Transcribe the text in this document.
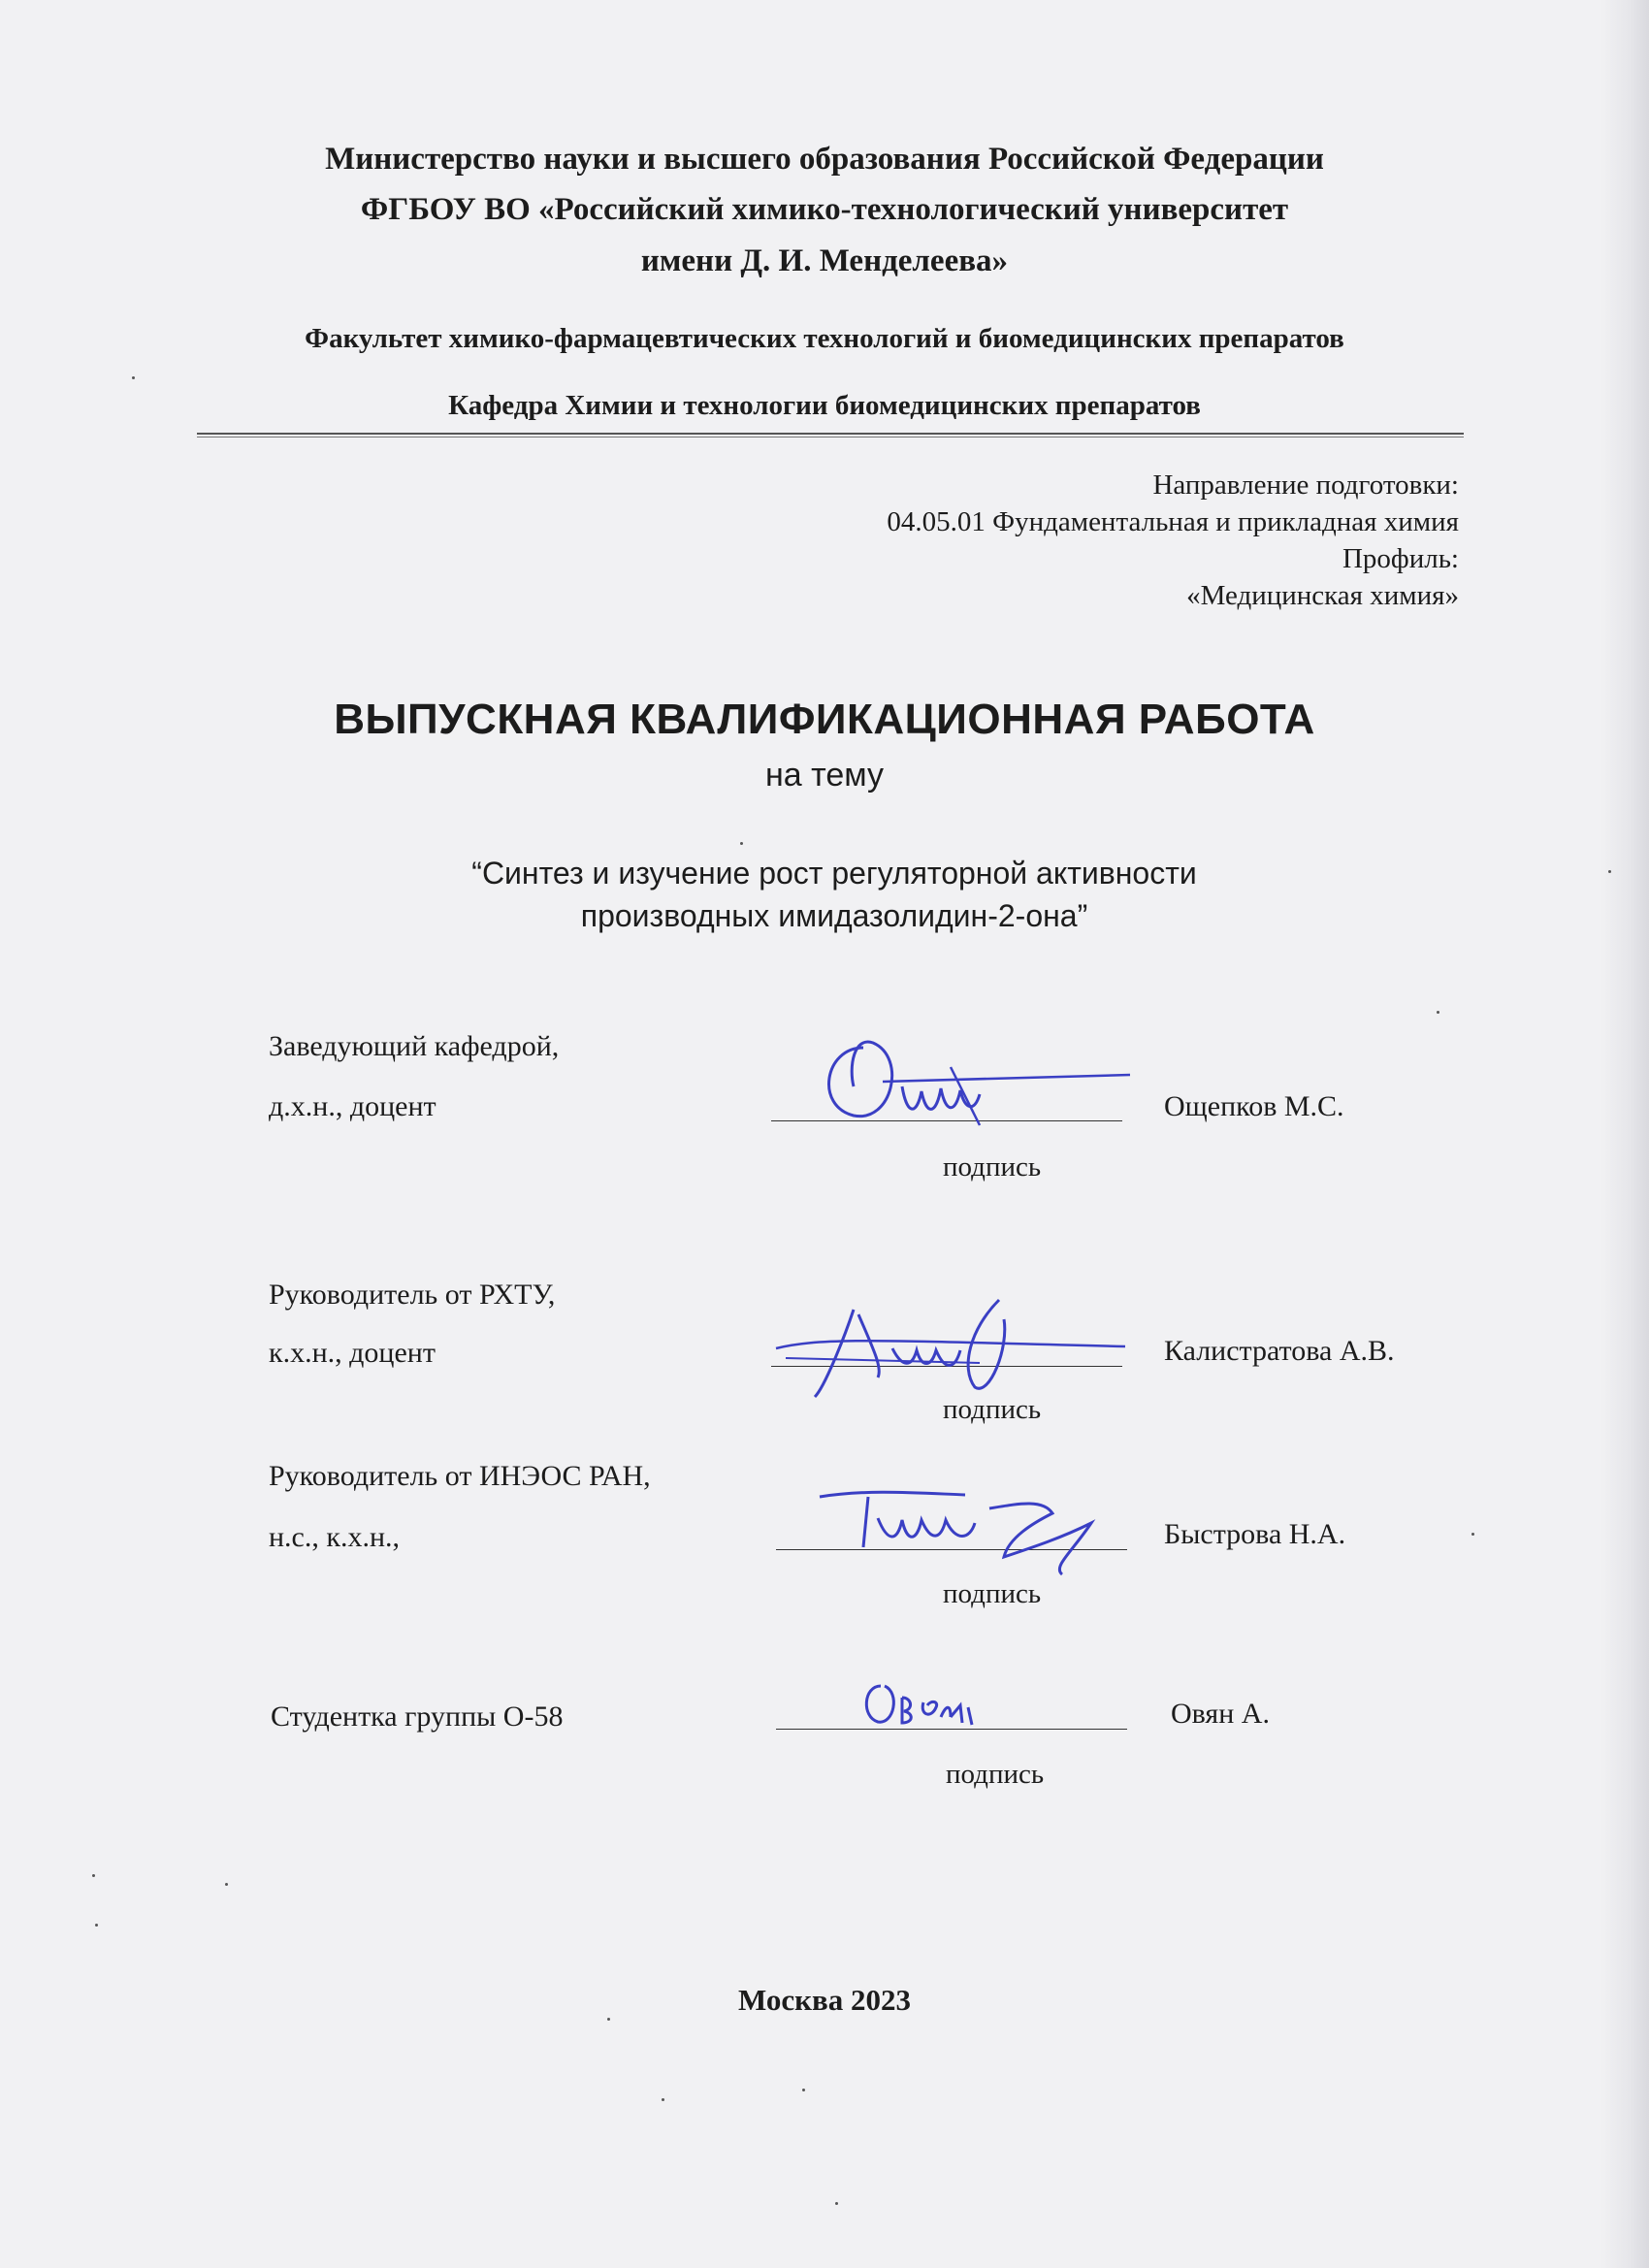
Министерство науки и высшего образования Российской Федерации
ФГБОУ ВО «Российский химико-технологический университет
имени Д. И. Менделеева»
Факультет химико-фармацевтических технологий и биомедицинских препаратов
Кафедра Химии и технологии биомедицинских препаратов
Направление подготовки:
04.05.01 Фундаментальная и прикладная химия
Профиль:
«Медицинская химия»
ВЫПУСКНАЯ КВАЛИФИКАЦИОННАЯ РАБОТА
на тему
“Синтез и изучение рост регуляторной активности
производных имидазолидин-2-она”
Заведующий кафедрой,
д.х.н., доцент	Ощепков М.С.
подпись
Руководитель от РХТУ,
к.х.н., доцент	Калистратова А.В.
подпись
Руководитель от ИНЭОС РАН,
н.с., к.х.н.,	Быстрова Н.А.
подпись
Студентка группы О-58	Овян А.
подпись
Москва 2023
